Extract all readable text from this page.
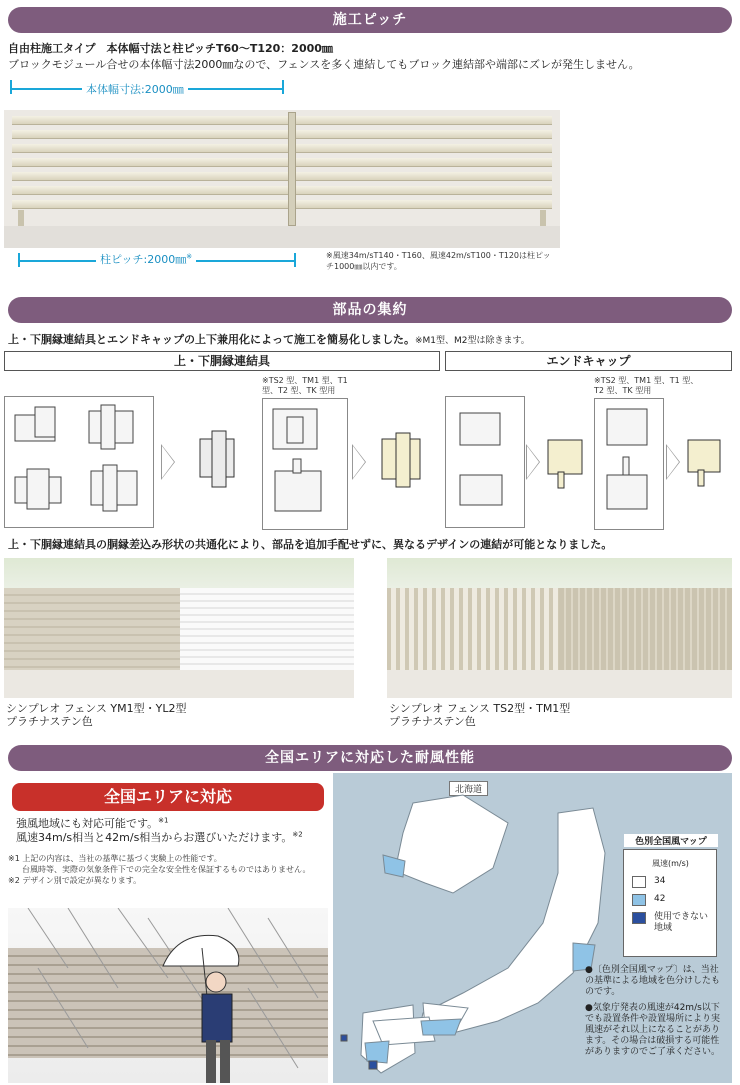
施工ピッチ
自由柱施工タイプ　本体幅寸法と柱ピッチT60～T120：2000㎜
ブロックモジュール合せの本体幅寸法2000㎜なので、フェンスを多く連結してもブロック連結部や端部にズレが発生しません。
本体幅寸法:2000㎜
柱ピッチ:2000㎜※	※風速34m/sT140・T160、風速42m/sT100・T120は柱ピッチ1000㎜以内です。
部品の集約
上・下胴縁連結具とエンドキャップの上下兼用化によって施工を簡易化しました。※M1型、M2型は除きます。
上・下胴縁連結具	エンドキャップ
※TS2 型、TM1 型、T1 型、T2 型、TK 型用
※TS2 型、TM1 型、T1 型、T2 型、TK 型用
上・下胴縁連結具の胴縁差込み形状の共通化により、部品を追加手配せずに、異なるデザインの連結が可能となりました。
シンプレオ フェンス YM1型・YL2型
プラチナステン色
シンプレオ フェンス TS2型・TM1型
プラチナステン色
全国エリアに対応した耐風性能
全国エリアに対応
強風地域にも対応可能です。$^{※1}$
風速34m/s相当と42m/s相当からお選びいただけます。$^{※2}$
※1 上記の内容は、当社の基準に基づく実験上の性能です。
台風時等、実際の気象条件下での完全な安全性を保証するものではありません。
※2 デザイン別で設定が異なります。
北海道
色別全国風マップ
風速(m/s)
34
42
使用できない地域
●〔色別全国風マップ〕は、当社の基準による地域を色分けしたものです。
●気象庁発表の風速が42m/s以下でも設置条件や設置場所により実風速がそれ以上になることがあります。その場合は破損する可能性がありますのでご了承ください。
